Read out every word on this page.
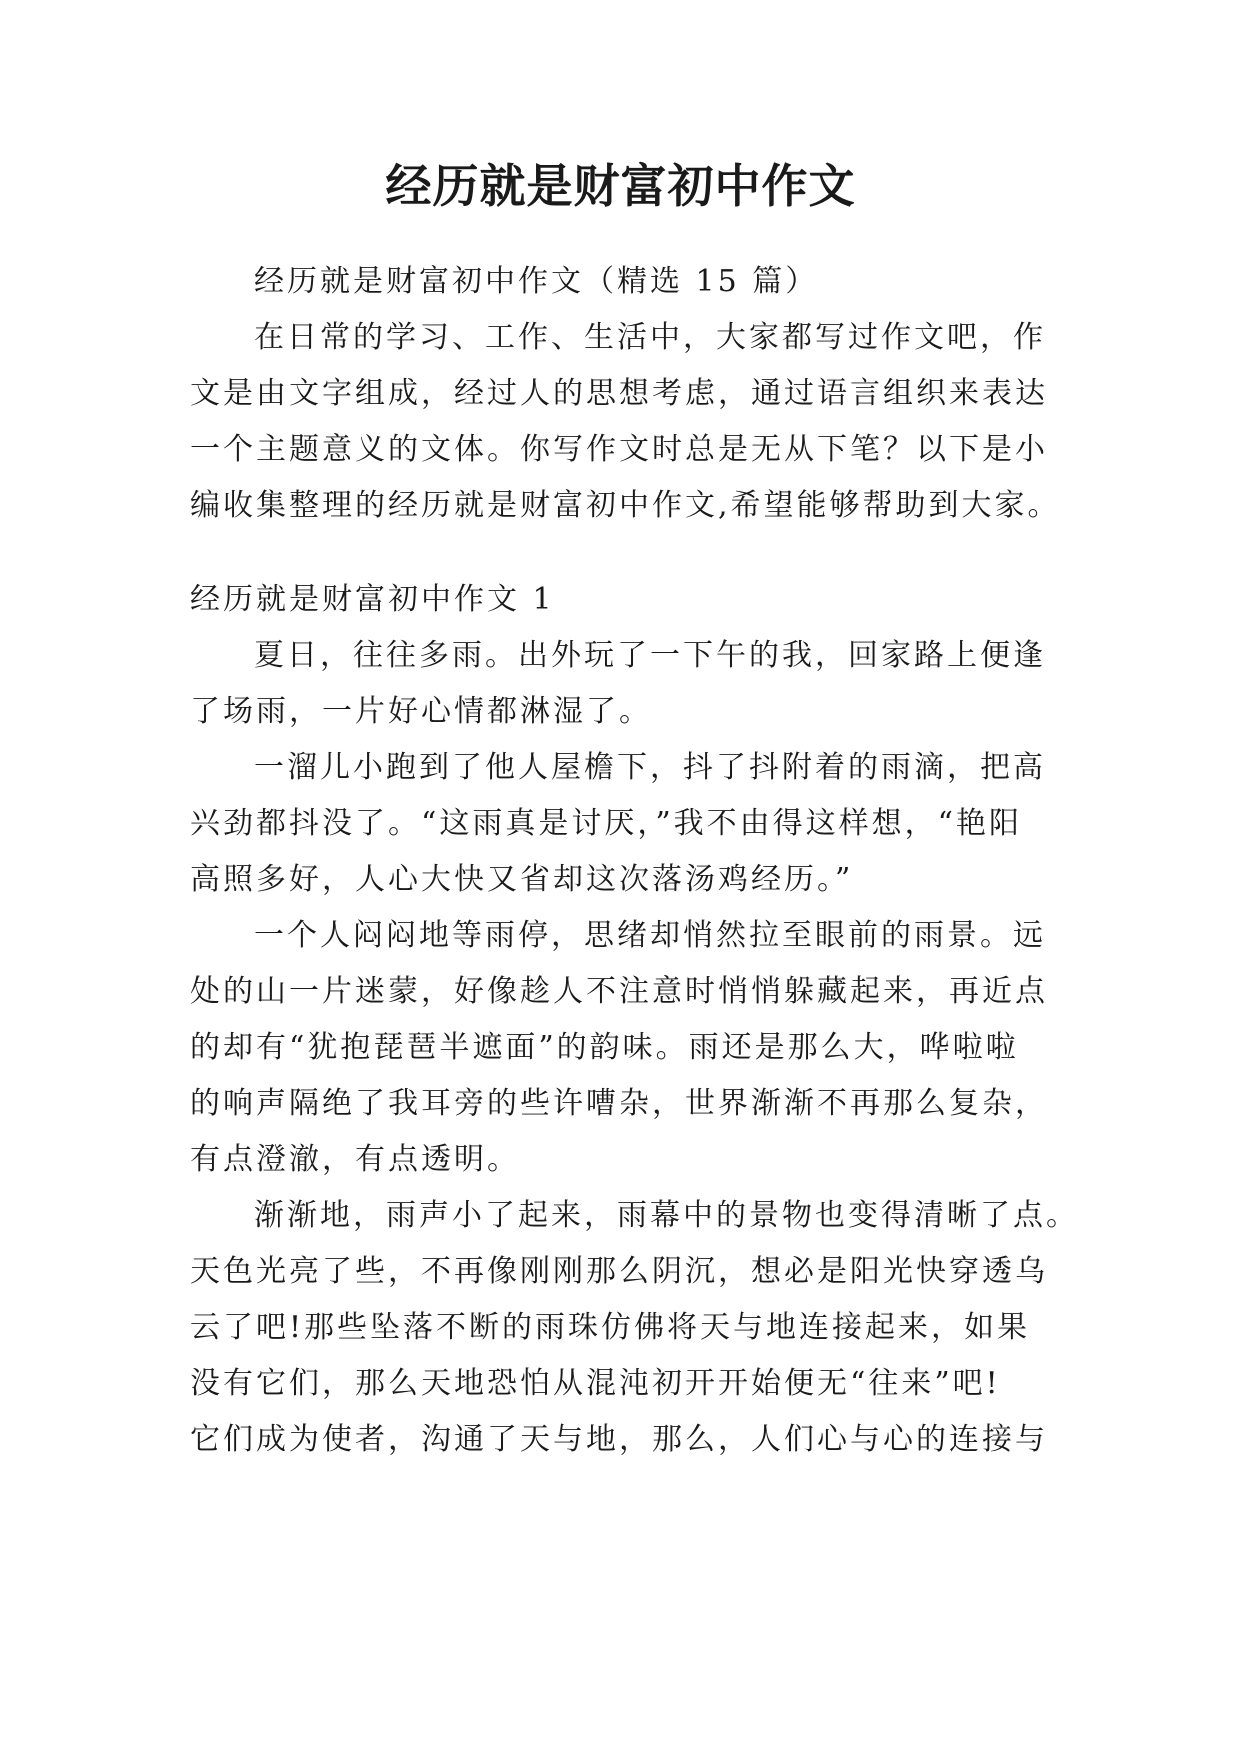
经历就是财富初中作文
经历就是财富初中作文（精选 15 篇）
在日常的学习、工作、生活中，大家都写过作文吧，作
文是由文字组成，经过人的思想考虑，通过语言组织来表达
一个主题意义的文体。你写作文时总是无从下笔？以下是小
编收集整理的经历就是财富初中作文,希望能够帮助到大家。
经历就是财富初中作文 1
夏日，往往多雨。出外玩了一下午的我，回家路上便逢
了场雨，一片好心情都淋湿了。
一溜儿小跑到了他人屋檐下，抖了抖附着的雨滴，把高
兴劲都抖没了。“这雨真是讨厌，”我不由得这样想，“艳阳
高照多好，人心大快又省却这次落汤鸡经历。”
一个人闷闷地等雨停，思绪却悄然拉至眼前的雨景。远
处的山一片迷蒙，好像趁人不注意时悄悄躲藏起来，再近点
的却有“犹抱琵琶半遮面”的韵味。雨还是那么大，哗啦啦
的响声隔绝了我耳旁的些许嘈杂，世界渐渐不再那么复杂，
有点澄澈，有点透明。
渐渐地，雨声小了起来，雨幕中的景物也变得清晰了点。
天色光亮了些，不再像刚刚那么阴沉，想必是阳光快穿透乌
云了吧!那些坠落不断的雨珠仿佛将天与地连接起来，如果
没有它们，那么天地恐怕从混沌初开开始便无“往来”吧!
它们成为使者，沟通了天与地，那么，人们心与心的连接与
